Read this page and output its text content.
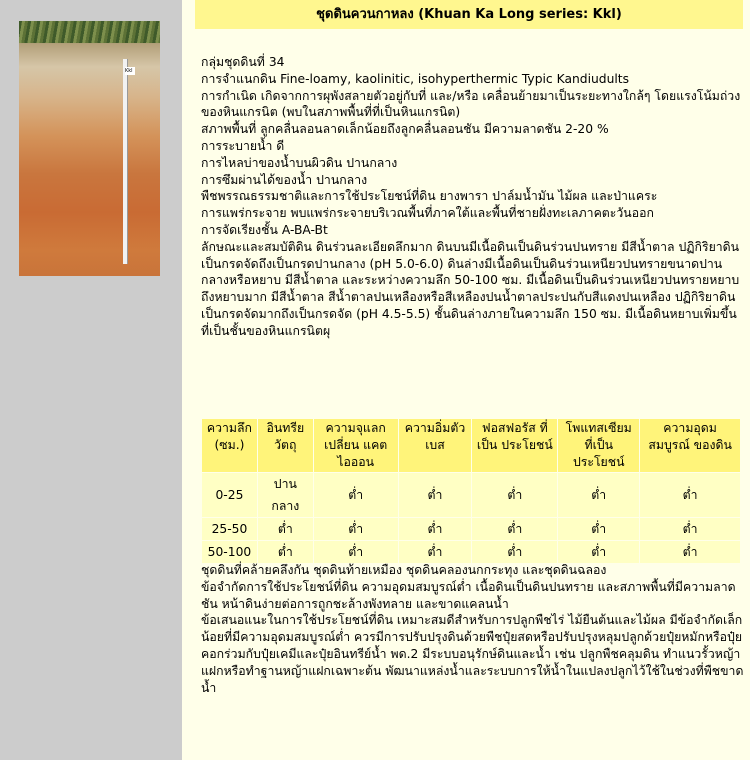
Kkl
ชุดดินควนกาหลง (Khuan Ka Long series: Kkl)

กลุ่มชุดดินที่ 34

การจำแนกดิน Fine-loamy, kaolinitic, isohyperthermic Typic Kandiudults

การกำเนิด เกิดจากการผุพังสลายตัวอยู่กับที่ และ/หรือ เคลื่อนย้ายมาเป็นระยะทางใกล้ๆ โดยแรงโน้มถ่วงของหินแกรนิต (พบในสภาพพื้นที่ที่เป็นหินแกรนิต)

สภาพพื้นที่ ลูกคลื่นลอนลาดเล็กน้อยถึงลูกคลื่นลอนชัน มีความลาดชัน 2-20 %

การระบายน้ำ ดี

การไหลบ่าของน้ำบนผิวดิน ปานกลาง

การซึมผ่านได้ของน้ำ ปานกลาง

พืชพรรณธรรมชาติและการใช้ประโยชน์ที่ดิน ยางพารา ปาล์มน้ำมัน ไม้ผล และป่าแคระ

การแพร่กระจาย พบแพร่กระจายบริเวณพื้นที่ภาคใต้และพื้นที่ชายฝั่งทะเลภาคตะวันออก

การจัดเรียงชั้น A-BA-Bt

ลักษณะและสมบัติดิน ดินร่วนละเอียดลึกมาก ดินบนมีเนื้อดินเป็นดินร่วนปนทราย มีสีน้ำตาล ปฏิกิริยาดินเป็นกรดจัดถึงเป็นกรดปานกลาง (pH 5.0-6.0) ดินล่างมีเนื้อดินเป็นดินร่วนเหนียวปนทรายขนาดปานกลางหรือหยาบ มีสีน้ำตาล และระหว่างความลึก 50-100 ซม. มีเนื้อดินเป็นดินร่วนเหนียวปนทรายหยาบถึงหยาบมาก มีสีน้ำตาล สีน้ำตาลปนเหลืองหรือสีเหลืองปนน้ำตาลประปนกับสีแดงปนเหลือง ปฏิกิริยาดินเป็นกรดจัดมากถึงเป็นกรดจัด (pH 4.5-5.5) ชั้นดินล่างภายในความลึก 150 ซม. มีเนื้อดินหยาบเพิ่มขึ้นที่เป็นชั้นของหินแกรนิตผุ

ความลึก (ซม.)	อินทรีย วัตถุ	ความจุแลกเปลี่ยน แคตไอออน	ความอิ่มตัว เบส	ฟอสฟอรัส ที่เป็น ประโยชน์	โพแทสเซียม ที่เป็นประโยชน์	ความอุดม สมบูรณ์ ของดิน
0-25	ปานกลาง	ต่ำ	ต่ำ	ต่ำ	ต่ำ	ต่ำ
25-50	ต่ำ	ต่ำ	ต่ำ	ต่ำ	ต่ำ	ต่ำ
50-100	ต่ำ	ต่ำ	ต่ำ	ต่ำ	ต่ำ	ต่ำ

ชุดดินที่คล้ายคลึงกัน ชุดดินท้ายเหมือง ชุดดินคลองนกกระทุง และชุดดินฉลอง

ข้อจำกัดการใช้ประโยชน์ที่ดิน ความอุดมสมบูรณ์ต่ำ เนื้อดินเป็นดินปนทราย และสภาพพื้นที่มีความลาดชัน หน้าดินง่ายต่อการถูกชะล้างพังทลาย และขาดแคลนน้ำ

ข้อเสนอแนะในการใช้ประโยชน์ที่ดิน เหมาะสมดีสำหรับการปลูกพืชไร่ ไม้ยืนต้นและไม้ผล มีข้อจำกัดเล็กน้อยที่มีความอุดมสมบูรณ์ต่ำ ควรมีการปรับปรุงดินด้วยพืชปุ๋ยสดหรือปรับปรุงหลุมปลูกด้วยปุ๋ยหมักหรือปุ๋ยคอกร่วมกับปุ๋ยเคมีและปุ๋ยอินทรีย์น้ำ พด.2 มีระบบอนุรักษ์ดินและน้ำ เช่น ปลูกพืชคลุมดิน ทำแนวรั้วหญ้าแฝกหรือทำฐานหญ้าแฝกเฉพาะต้น พัฒนาแหล่งน้ำและระบบการให้น้ำในแปลงปลูกไว้ใช้ในช่วงที่พืชขาดน้ำ
